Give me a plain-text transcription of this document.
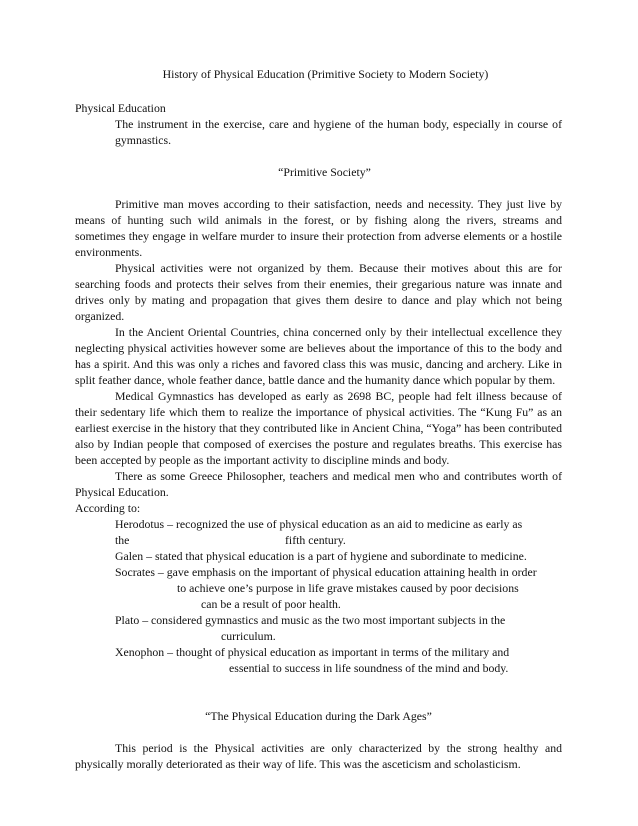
History of Physical Education (Primitive Society to Modern Society)
Physical Education
The instrument in the exercise, care and hygiene of the human body, especially in course of gymnastics.
“Primitive Society”
Primitive man moves according to their satisfaction, needs and necessity. They just live by means of hunting such wild animals in the forest, or by fishing along the rivers, streams and sometimes they engage in welfare murder to insure their protection from adverse elements or a hostile environments.
Physical activities were not organized by them. Because their motives about this are for searching foods and protects their selves from their enemies, their gregarious nature was innate and drives only by mating and propagation that gives them desire to dance and play which not being organized.
In the Ancient Oriental Countries, china concerned only by their intellectual excellence they neglecting physical activities however some are believes about the importance of this to the body and has a spirit. And this was only a riches and favored class this was music, dancing and archery. Like in split feather dance, whole feather dance, battle dance and the humanity dance which popular by them.
Medical Gymnastics has developed as early as 2698 BC, people had felt illness because of their sedentary life which them to realize the importance of physical activities. The “Kung Fu” as an earliest exercise in the history that they contributed like in Ancient China, “Yoga” has been contributed also by Indian people that composed of exercises the posture and regulates breaths. This exercise has been accepted by people as the important activity to discipline minds and body.
There as some Greece Philosopher, teachers and medical men who and contributes worth of Physical Education.
According to:
Herodotus – recognized the use of physical education as an aid to medicine as early as
the	fifth century.
Galen – stated that physical education is a part of hygiene and subordinate to medicine.
Socrates – gave emphasis on the important of physical education attaining health in order
to achieve one’s purpose in life grave mistakes caused by poor decisions
can be a result of poor health.
Plato – considered gymnastics and music as the two most important subjects in the
curriculum.
Xenophon – thought of physical education as important in terms of the military and
essential to success in life soundness of the mind and body.
“The Physical Education during the Dark Ages”
This period is the Physical activities are only characterized by the strong healthy and physically morally deteriorated as their way of life. This was the asceticism and scholasticism.
